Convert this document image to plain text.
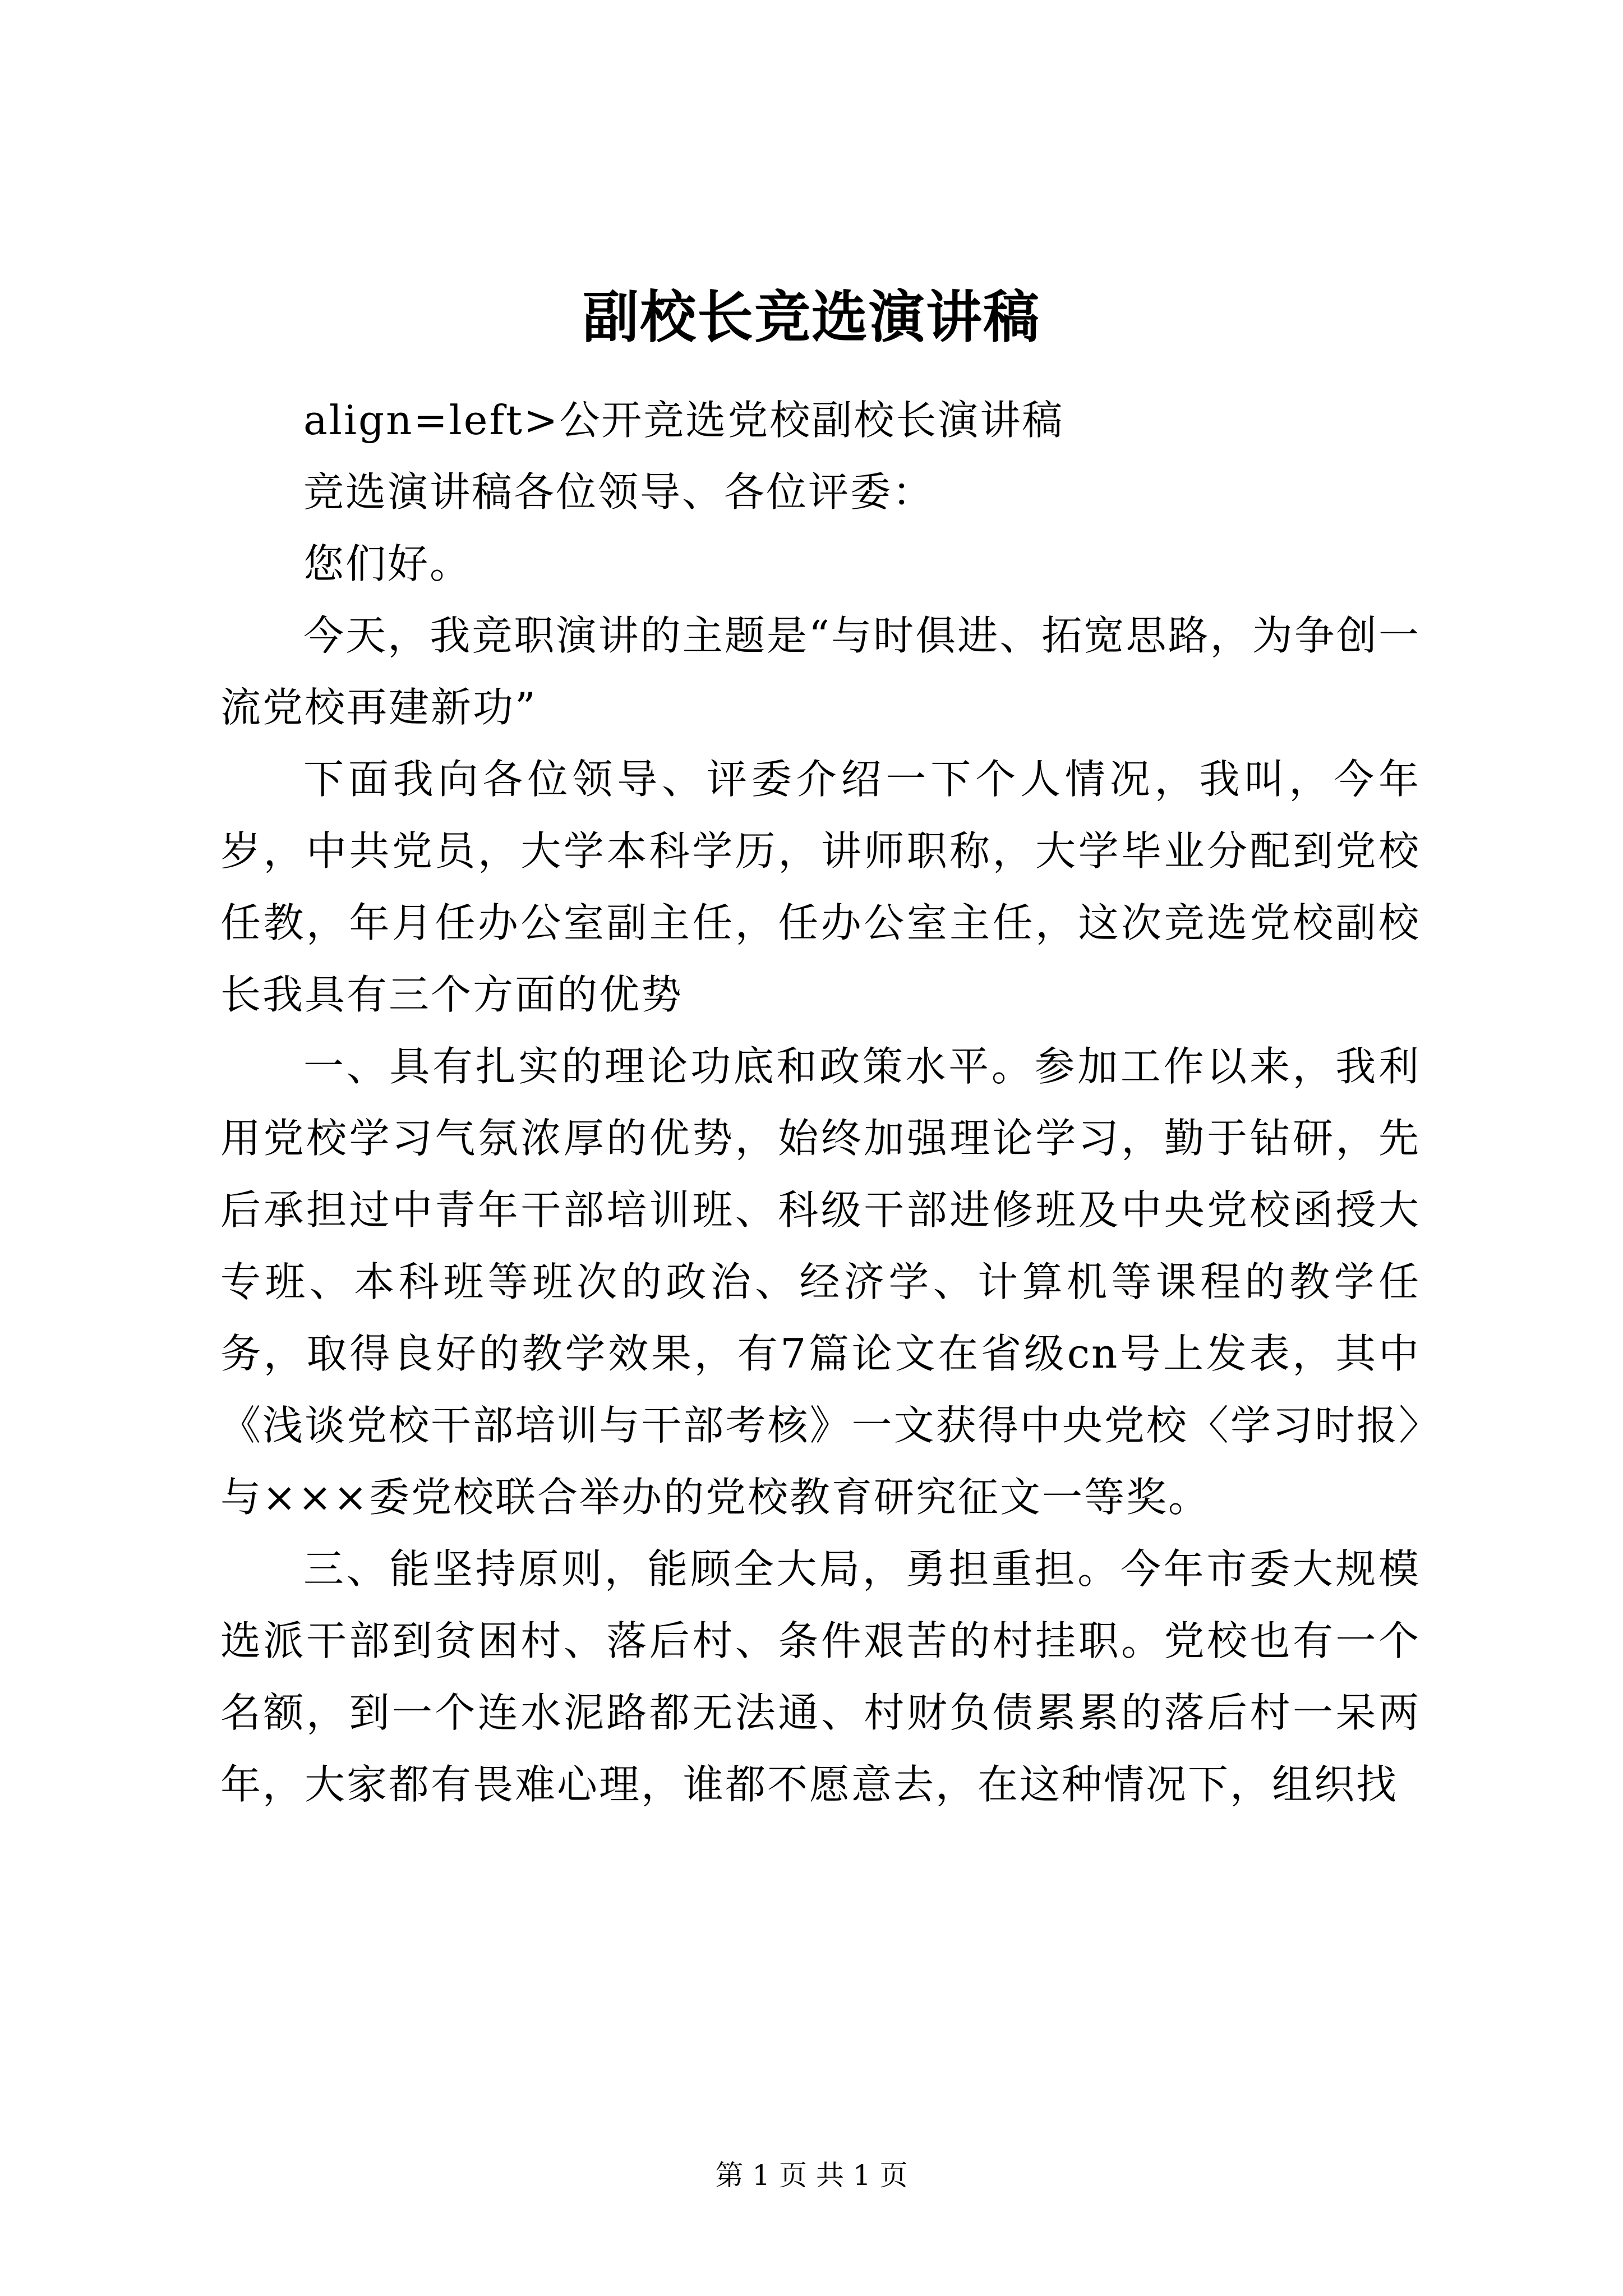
副校长竞选演讲稿

align=left>公开竞选党校副校长演讲稿

竞选演讲稿各位领导、各位评委：

您们好。

今天，我竞职演讲的主题是“与时俱进、拓宽思路，为争创一流党校再建新功”

下面我向各位领导、评委介绍一下个人情况，我叫，今年岁，中共党员，大学本科学历，讲师职称，大学毕业分配到党校任教，年月任办公室副主任，任办公室主任，这次竞选党校副校长我具有三个方面的优势

一、具有扎实的理论功底和政策水平。参加工作以来，我利用党校学习气氛浓厚的优势，始终加强理论学习，勤于钻研，先后承担过中青年干部培训班、科级干部进修班及中央党校函授大专班、本科班等班次的政治、经济学、计算机等课程的教学任务，取得良好的教学效果，有7篇论文在省级cn号上发表，其中《浅谈党校干部培训与干部考核》一文获得中央党校〈学习时报〉与×××委党校联合举办的党校教育研究征文一等奖。

三、能坚持原则，能顾全大局，勇担重担。今年市委大规模选派干部到贫困村、落后村、条件艰苦的村挂职。党校也有一个名额，到一个连水泥路都无法通、村财负债累累的落后村一呆两年，大家都有畏难心理，谁都不愿意去，在这种情况下，组织找

第 1 页 共 1 页
